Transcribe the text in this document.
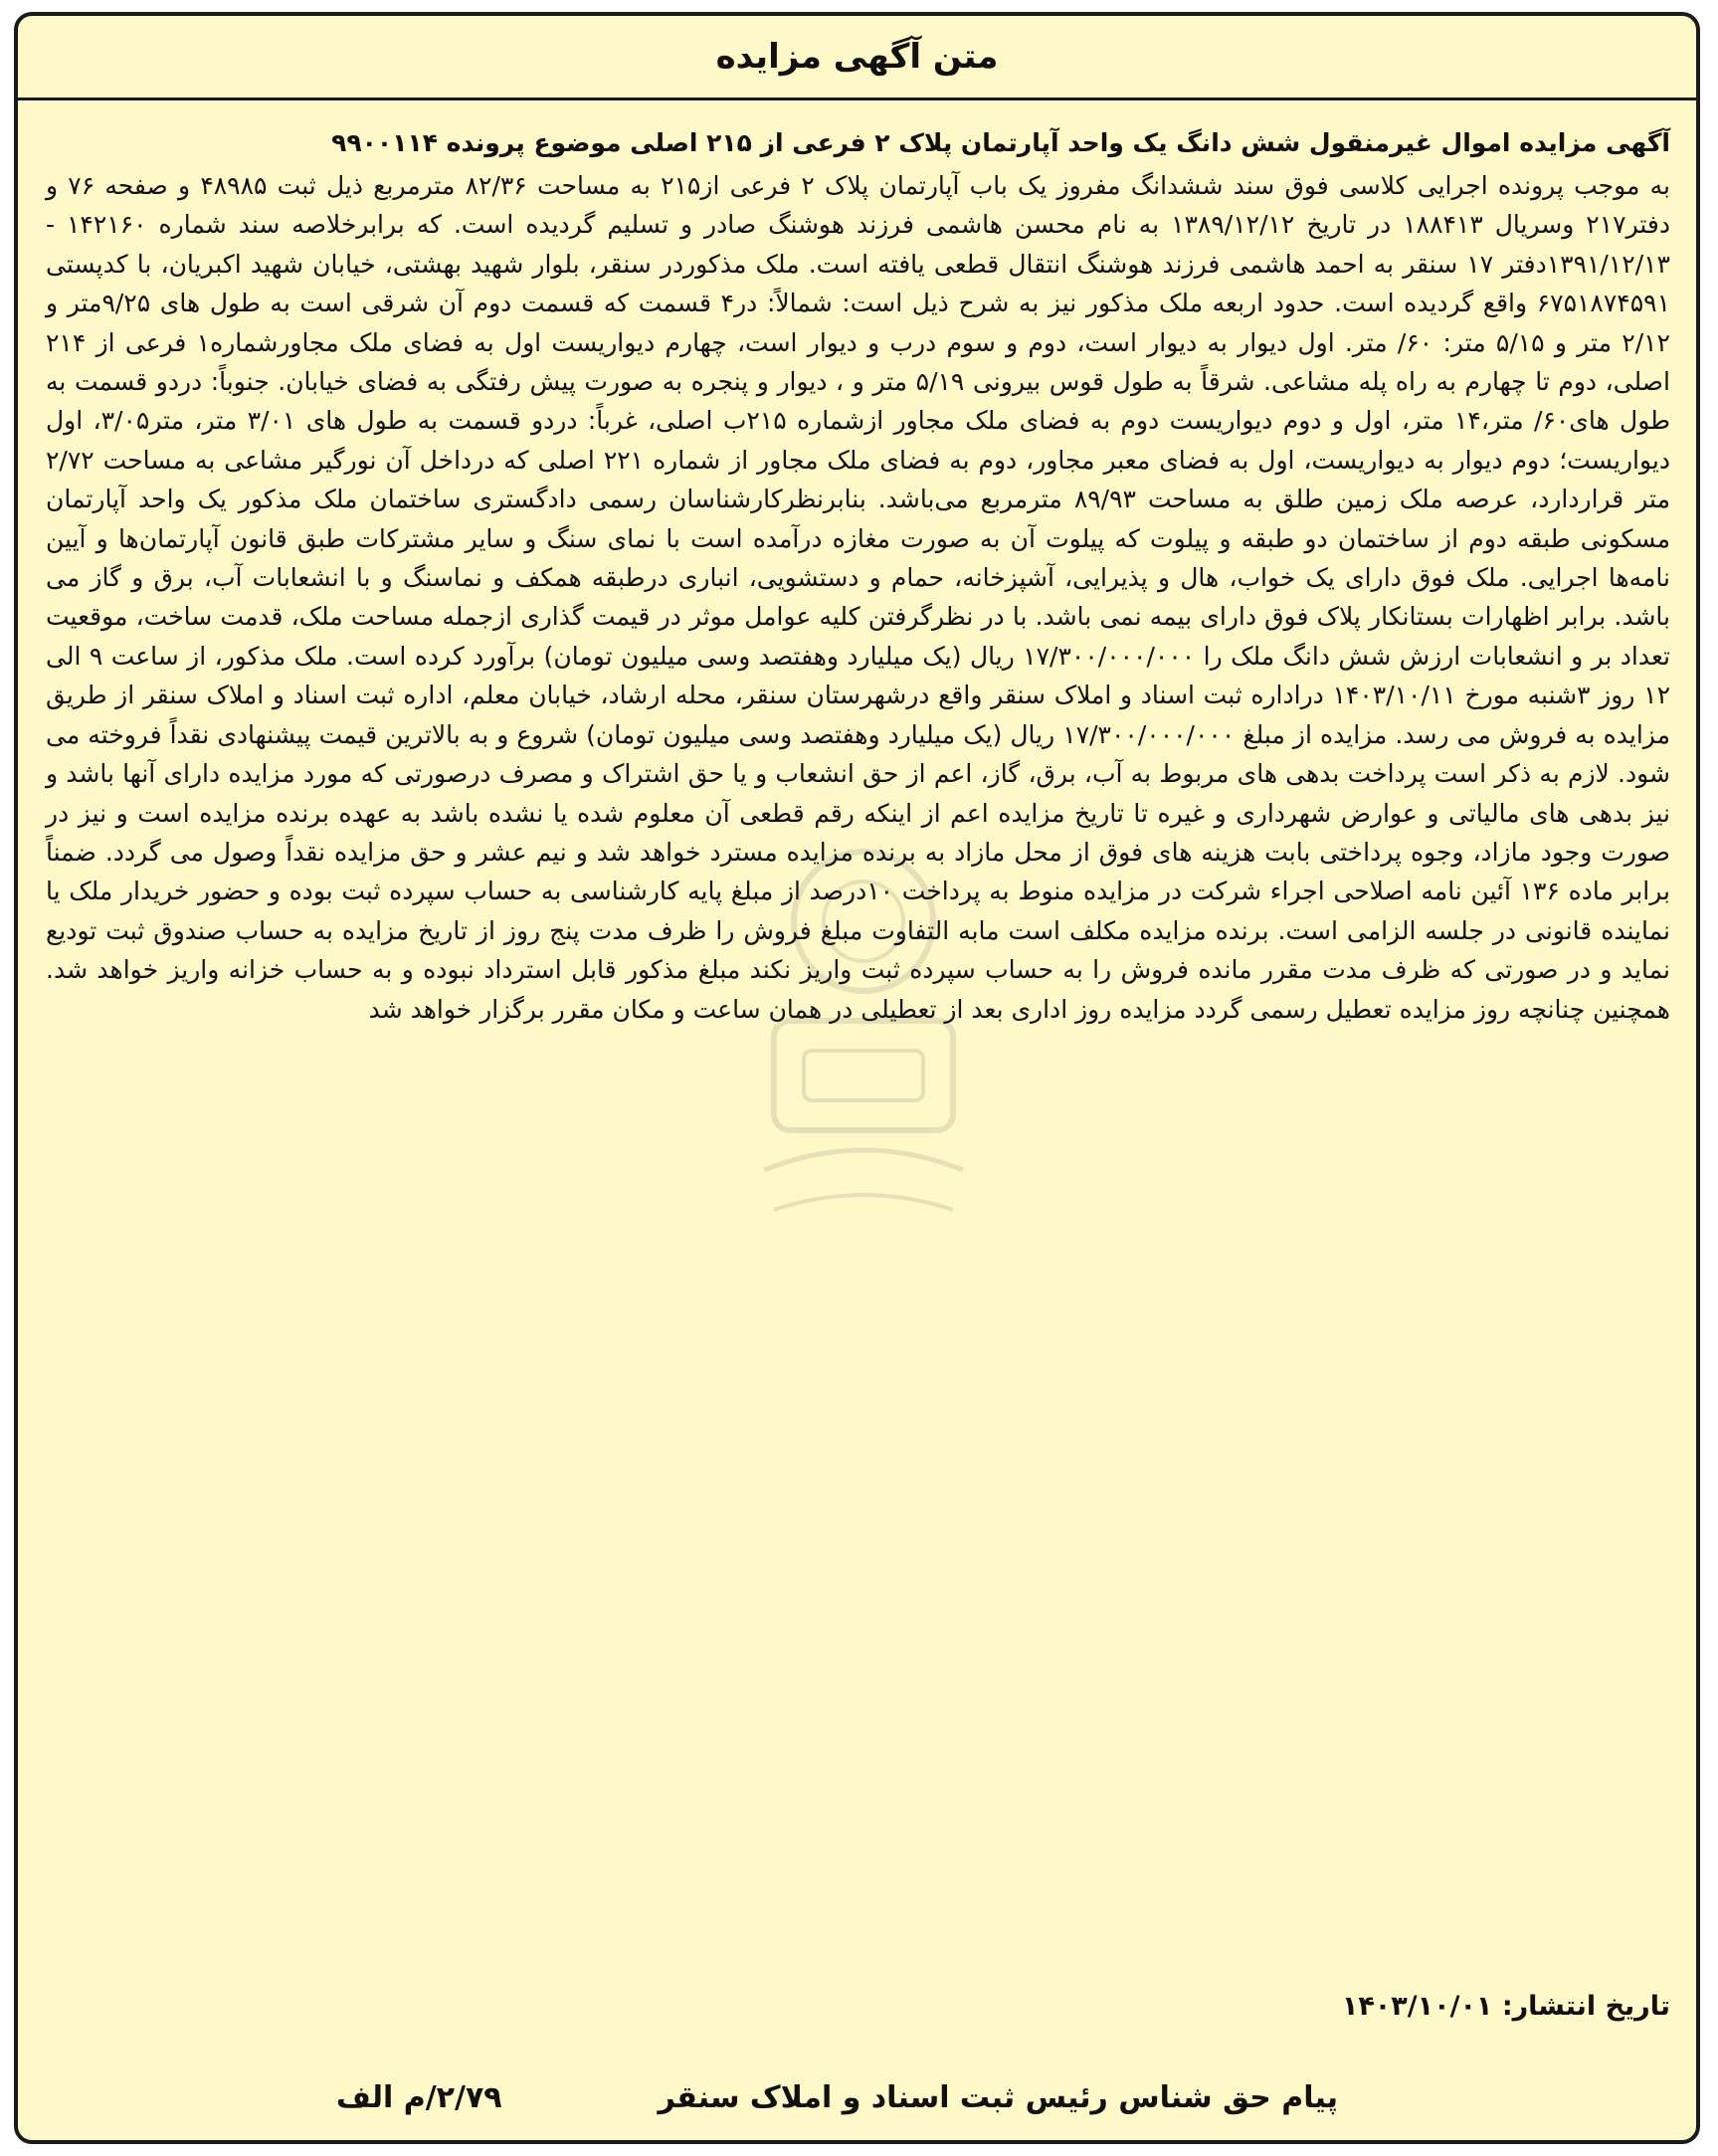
متن آگهی مزایده

آگهی مزایده اموال غیرمنقول شش دانگ یک واحد آپارتمان پلاک ۲ فرعی از ۲۱۵ اصلی موضوع پرونده ۹۹۰۰۱۱۴

به موجب پرونده اجرایی کلاسی فوق سند ششدانگ مفروز یک باب آپارتمان پلاک ۲ فرعی از۲۱۵ به مساحت ۸۲/۳۶ مترمربع ذیل ثبت ۴۸۹۸۵ و صفحه ۷۶ و دفتر۲۱۷ وسریال ۱۸۸۴۱۳ در تاریخ ۱۳۸۹/۱۲/۱۲ به نام محسن هاشمی فرزند هوشنگ صادر و تسلیم گردیده است. که برابرخلاصه سند شماره ۱۴۲۱۶۰ - ۱۳۹۱/۱۲/۱۳دفتر ۱۷ سنقر به احمد هاشمی فرزند هوشنگ انتقال قطعی یافته است. ملک مذکوردر سنقر، بلوار شهید بهشتی، خیابان شهید اکبریان، با کدپستی ۶۷۵۱۸۷۴۵۹۱ واقع گردیده است. حدود اربعه ملک مذکور نیز به شرح ذیل است: شمالاً: در۴ قسمت که قسمت دوم آن شرقی است به طول های ۹/۲۵متر و ۲/۱۲ متر و ۵/۱۵ متر: ۶۰/ متر. اول دیوار به دیوار است، دوم و سوم درب و دیوار است، چهارم دیواریست اول به فضای ملک مجاورشماره۱ فرعی از ۲۱۴ اصلی، دوم تا چهارم به راه پله مشاعی. شرقاً به طول قوس بیرونی ۵/۱۹ متر و ، دیوار و پنجره به صورت پیش رفتگی به فضای خیابان. جنوباً: دردو قسمت به طول های۶۰/ متر،۱۴ متر، اول و دوم دیواریست دوم به فضای ملک مجاور ازشماره ۲۱۵ب اصلی، غرباً: دردو قسمت به طول های ۳/۰۱ متر، متر۳/۰۵، اول دیواریست؛ دوم دیوار به دیواریست، اول به فضای معبر مجاور، دوم به فضای ملک مجاور از شماره ۲۲۱ اصلی که درداخل آن نورگیر مشاعی به مساحت ۲/۷۲ متر قراردارد، عرصه ملک زمین طلق به مساحت ۸۹/۹۳ مترمربع می‌باشد. بنابرنظرکارشناسان رسمی دادگستری ساختمان ملک مذکور یک واحد آپارتمان مسکونی طبقه دوم از ساختمان دو طبقه و پیلوت که پیلوت آن به صورت مغازه درآمده است با نمای سنگ و سایر مشترکات طبق قانون آپارتمان‌ها و آیین نامه‌ها اجرایی. ملک فوق دارای یک خواب، هال و پذیرایی، آشپزخانه، حمام و دستشویی، انباری درطبقه همکف و نماسنگ و با انشعابات آب، برق و گاز می باشد. برابر اظهارات بستانکار پلاک فوق دارای بیمه نمی باشد. با در نظرگرفتن کلیه عوامل موثر در قیمت گذاری ازجمله مساحت ملک، قدمت ساخت، موقعیت تعداد بر و انشعابات ارزش شش دانگ ملک را ۱۷/۳۰۰/۰۰۰/۰۰۰ ریال (یک میلیارد وهفتصد وسی میلیون تومان) برآورد کرده است. ملک مذکور، از ساعت ۹ الی ۱۲ روز ۳شنبه مورخ ۱۴۰۳/۱۰/۱۱ دراداره ثبت اسناد و املاک سنقر واقع درشهرستان سنقر، محله ارشاد، خیابان معلم، اداره ثبت اسناد و املاک سنقر از طریق مزایده به فروش می رسد. مزایده از مبلغ ۱۷/۳۰۰/۰۰۰/۰۰۰ ریال (یک میلیارد وهفتصد وسی میلیون تومان) شروع و به بالاترین قیمت پیشنهادی نقداً فروخته می شود. لازم به ذکر است پرداخت بدهی های مربوط به آب، برق، گاز، اعم از حق انشعاب و یا حق اشتراک و مصرف درصورتی که مورد مزایده دارای آنها باشد و نیز بدهی های مالیاتی و عوارض شهرداری و غیره تا تاریخ مزایده اعم از اینکه رقم قطعی آن معلوم شده یا نشده باشد به عهده برنده مزایده است و نیز در صورت وجود مازاد، وجوه پرداختی بابت هزینه های فوق از محل مازاد به برنده مزایده مسترد خواهد شد و نیم عشر و حق مزایده نقداً وصول می گردد. ضمناً برابر ماده ۱۳۶ آئین نامه اصلاحی اجراء شرکت در مزایده منوط به پرداخت ۱۰درصد از مبلغ پایه کارشناسی به حساب سپرده ثبت بوده و حضور خریدار ملک یا نماینده قانونی در جلسه الزامی است. برنده مزایده مکلف است مابه التفاوت مبلغ فروش را ظرف مدت پنج روز از تاریخ مزایده به حساب صندوق ثبت تودیع نماید و در صورتی که ظرف مدت مقرر مانده فروش را به حساب سپرده ثبت واریز نکند مبلغ مذکور قابل استرداد نبوده و به حساب خزانه واریز خواهد شد. همچنین چنانچه روز مزایده تعطیل رسمی گردد مزایده روز اداری بعد از تعطیلی در همان ساعت و مکان مقرر برگزار خواهد شد

تاریخ انتشار: ۱۴۰۳/۱۰/۰۱
پیام حق شناس رئیس ثبت اسناد و املاک سنقر
۲/۷۹/م الف
